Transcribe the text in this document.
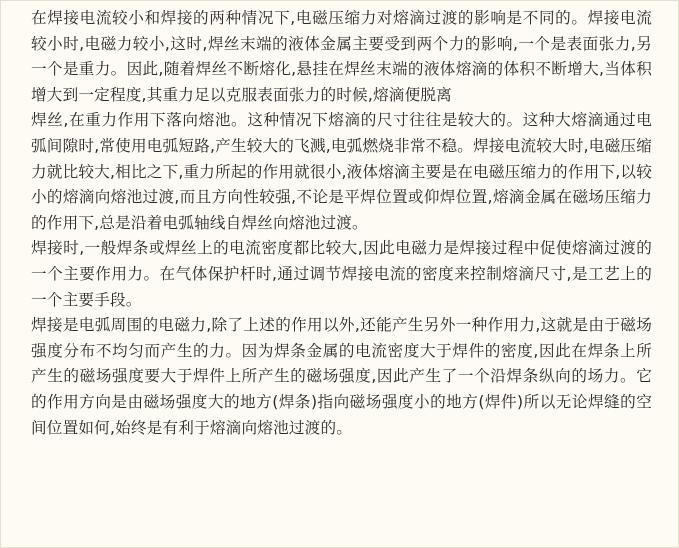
在焊接电流较小和焊接的两种情况下,电磁压缩力对熔滴过渡的影响是不同的。焊接电流较小时,电磁力较小,这时,焊丝末端的液体金属主要受到两个力的影响,一个是表面张力,另一个是重力。因此,随着焊丝不断熔化,悬挂在焊丝末端的液体熔滴的体积不断增大,当体积增大到一定程度,其重力足以克服表面张力的时候,熔滴便脱离

焊丝,在重力作用下落向熔池。这种情况下熔滴的尺寸往往是较大的。这种大熔滴通过电弧间隙时,常使用电弧短路,产生较大的飞溅,电弧燃烧非常不稳。焊接电流较大时,电磁压缩力就比较大,相比之下,重力所起的作用就很小,液体熔滴主要是在电磁压缩力的作用下,以较小的熔滴向熔池过渡,而且方向性较强,不论是平焊位置或仰焊位置,熔滴金属在磁场压缩力的作用下,总是沿着电弧轴线自焊丝向熔池过渡。

焊接时,一般焊条或焊丝上的电流密度都比较大,因此电磁力是焊接过程中促使熔滴过渡的一个主要作用力。在气体保护杆时,通过调节焊接电流的密度来控制熔滴尺寸,是工艺上的一个主要手段。

焊接是电弧周围的电磁力,除了上述的作用以外,还能产生另外一种作用力,这就是由于磁场强度分布不均匀而产生的力。因为焊条金属的电流密度大于焊件的密度,因此在焊条上所产生的磁场强度要大于焊件上所产生的磁场强度,因此产生了一个沿焊条纵向的场力。它的作用方向是由磁场强度大的地方(焊条)指向磁场强度小的地方(焊件)所以无论焊缝的空间位置如何,始终是有利于熔滴向熔池过渡的。
